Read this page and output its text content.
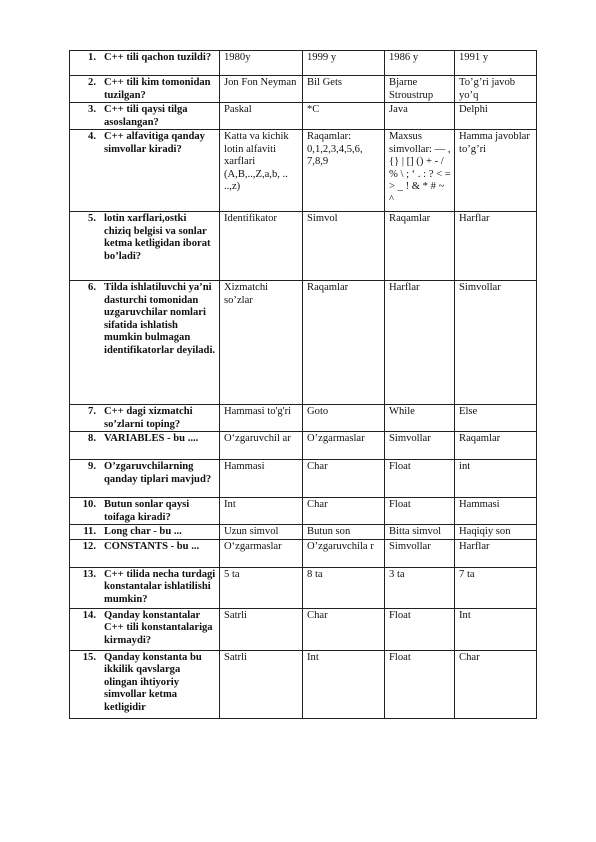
1. C++ tili qachon tuzildi?	1980y	1999 y	1986 y	1991 y

2. C++ tili kim tomonidan tuzilgan?	Jon Fon Neyman	Bil Gets	Bjarne Stroustrup	To’g’ri javob yo’q

3. C++ tili qaysi tilga asoslangan?	Paskal	*C	Java	Delphi

4. C++ alfavitiga qanday simvollar kiradi?	Katta va kichik lotin alfaviti xarflari (A,B,..,Z,a,b, .. ..,z)	Raqamlar: 0,1,2,3,4,5,6, 7,8,9	Maxsus simvollar: — , {} | [] () + - / % \ ; ‘ . : ? < = > _ ! & * # ~ ^	Hamma javoblar to’g’ri

5. lotin xarflari,ostki chiziq belgisi va sonlar ketma ketligidan iborat bo’ladi?	Identifikator	Simvol	Raqamlar	Harflar

6. Tilda ishlatiluvchi ya’ni dasturchi tomonidan uzgaruvchilar nomlari sifatida ishlatish mumkin bulmagan identifikatorlar deyiladi.	Xizmatchi so’zlar	Raqamlar	Harflar	Simvollar

7. C++ dagi xizmatchi so’zlarni toping?	Hammasi to'g'ri	Goto	While	Else

8. VARIABLES - bu ....	O‘zgaruvchil ar	O’zgarmaslar	Simvollar	Raqamlar

9. O’zgaruvchilarning qanday tiplari mavjud?	Hammasi	Char	Float	int

10. Butun sonlar qaysi toifaga kiradi?	Int	Char	Float	Hammasi

11. Long char - bu ...	Uzun simvol	Butun son	Bitta simvol	Haqiqiy son

12. CONSTANTS - bu ...	O‘zgarmaslar	O’zgaruvchila r	Simvollar	Harflar

13. C++ tilida necha turdagi konstantalar ishlatilishi mumkin?	5 ta	8 ta	3 ta	7 ta

14. Qanday konstantalar C++ tili konstantalariga kirmaydi?	Satrli	Char	Float	Int

15. Qanday konstanta bu ikkilik qavslarga olingan ihtiyoriy simvollar ketma ketligidir	Satrli	Int	Float	Char
